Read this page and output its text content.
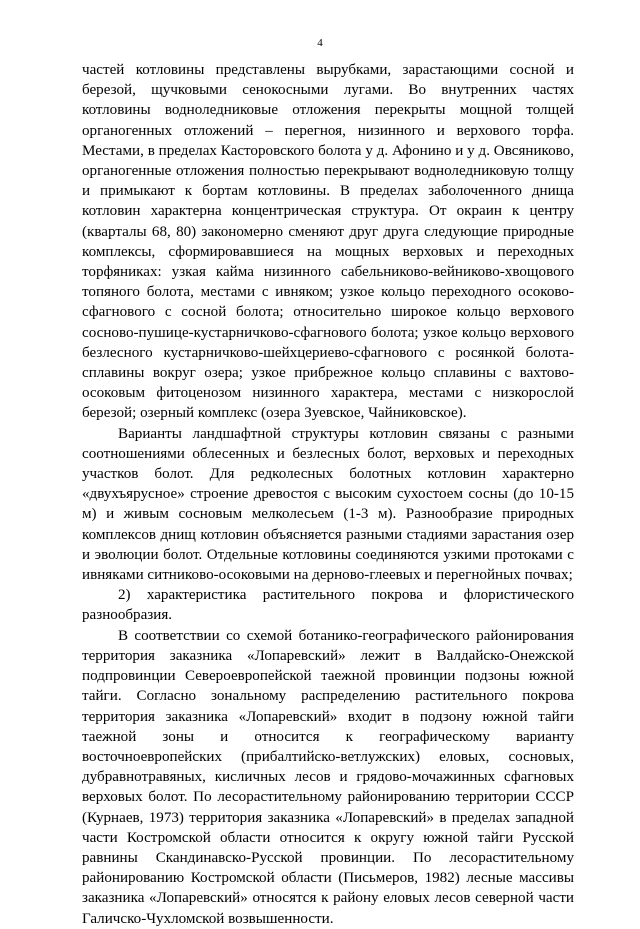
4

частей котловины представлены вырубками, зарастающими сосной и березой, щучковыми сенокосными лугами. Во внутренних частях котловины водноледниковые отложения перекрыты мощной толщей органогенных отложений – перегноя, низинного и верхового торфа. Местами, в пределах Касторовского болота у д. Афонино и у д. Овсяниково, органогенные отложения полностью перекрывают водноледниковую толщу и примыкают к бортам котловины. В пределах заболоченного днища котловин характерна концентрическая структура. От окраин к центру (кварталы 68, 80) закономерно сменяют друг друга следующие природные комплексы, сформировавшиеся на мощных верховых и переходных торфяниках: узкая кайма низинного сабельниково-вейниково-хвощового топяного болота, местами с ивняком; узкое кольцо переходного осоково-сфагнового с сосной болота; относительно широкое кольцо верхового сосново-пушице-кустарничково-сфагнового болота; узкое кольцо верхового безлесного кустарничково-шейхцериево-сфагнового с росянкой болота-сплавины вокруг озера; узкое прибрежное кольцо сплавины с вахтово-осоковым фитоценозом низинного характера, местами с низкорослой березой; озерный комплекс (озера Зуевское, Чайниковское).

Варианты ландшафтной структуры котловин связаны с разными соотношениями облесенных и безлесных болот, верховых и переходных участков болот. Для редколесных болотных котловин характерно «двухъярусное» строение древостоя с высоким сухостоем сосны (до 10-15 м) и живым сосновым мелколесьем (1-3 м). Разнообразие природных комплексов днищ котловин объясняется разными стадиями зарастания озер и эволюции болот. Отдельные котловины соединяются узкими протоками с ивняками ситниково-осоковыми на дерново-глеевых и перегнойных почвах;

2) характеристика растительного покрова и флористического разнообразия.

В соответствии со схемой ботанико-географического районирования территория заказника «Лопаревский» лежит в Валдайско-Онежской подпровинции Североевропейской таежной провинции подзоны южной тайги. Согласно зональному распределению растительного покрова территория заказника «Лопаревский» входит в подзону южной тайги таежной зоны и относится к географическому варианту восточноевропейских (прибалтийско-ветлужских) еловых, сосновых, дубравнотравяных, кисличных лесов и грядово-мочажинных сфагновых верховых болот. По лесорастительному районированию территории СССР (Курнаев, 1973) территория заказника «Лопаревский» в пределах западной части Костромской области относится к округу южной тайги Русской равнины Скандинавско-Русской провинции. По лесорастительному районированию Костромской области (Письмеров, 1982) лесные массивы заказника «Лопаревский» относятся к району еловых лесов северной части Галичско-Чухломской возвышенности.
